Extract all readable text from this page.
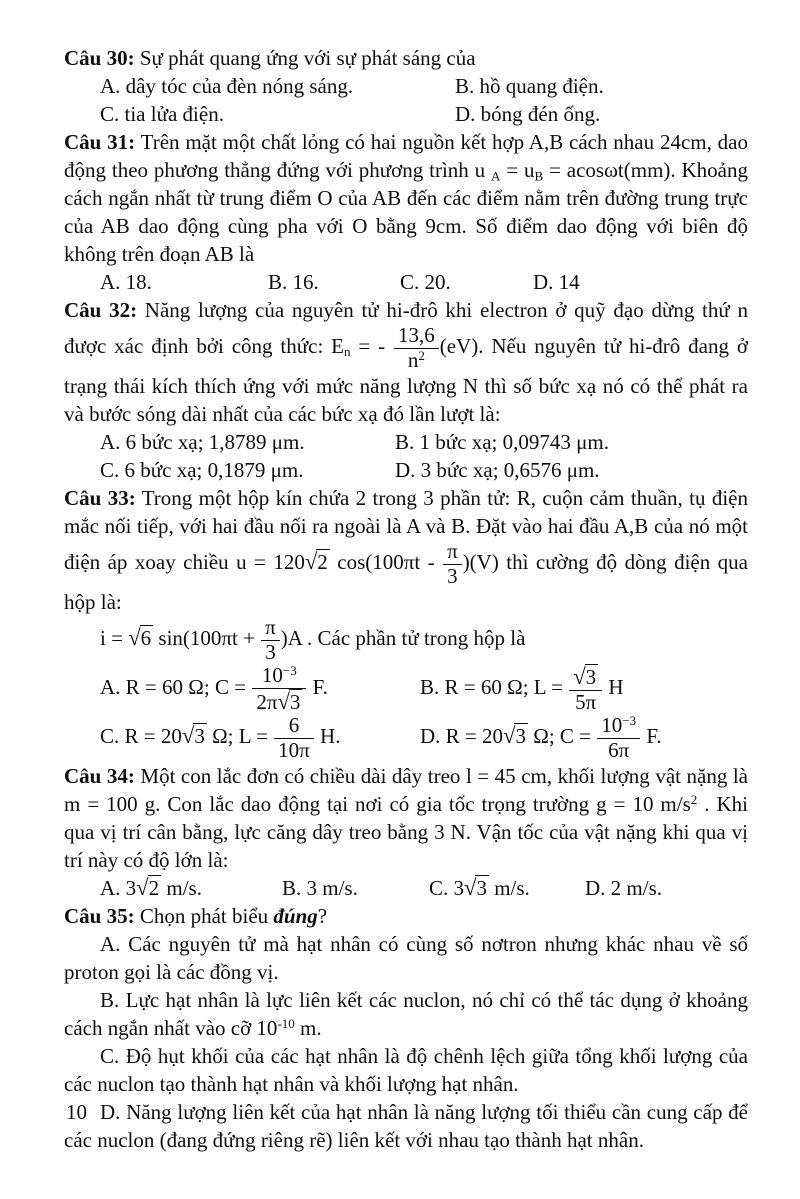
Câu 30: Sự phát quang ứng với sự phát sáng của

A. dây tóc của đèn nóng sáng.	B. hồ quang điện.
C. tia lửa điện.	D. bóng đén ống.

Câu 31: Trên mặt một chất lỏng có hai nguồn kết hợp A,B cách nhau 24cm, dao động theo phương thẳng đứng với phương trình u $_A = u_B = acos\omega t(mm)$. Khoảng cách ngắn nhất từ trung điểm O của AB đến các điểm nằm trên đường trung trực của AB dao động cùng pha với O bằng 9cm. Số điểm dao động với biên độ không trên đoạn AB là

A. 18.	B. 16.	C. 20.	D. 14

Câu 32: Năng lượng của nguyên tử hi-đrô khi electron ở quỹ đạo dừng thứ n được xác định bởi công thức: $E_n$ = - $\frac{13,6}{n^2} (eV)$. Nếu nguyên tử hi-đrô đang ở trạng thái kích thích ứng với mức năng lượng N thì số bức xạ nó có thể phát ra và bước sóng dài nhất của các bức xạ đó lần lượt là:

A. 6 bức xạ; 1,8789 μm.	B. 1 bức xạ; 0,09743 μm.
C. 6 bức xạ; 0,1879 μm.	D. 3 bức xạ; 0,6576 μm.

Câu 33: Trong một hộp kín chứa 2 trong 3 phần tử: R, cuộn cảm thuần, tụ điện mắc nối tiếp, với hai đầu nối ra ngoài là A và B. Đặt vào hai đầu A,B của nó một điện áp xoay chiều u = 120√2 $\cos(100\pi t - \frac{\pi}{3} )(V)$ thì cường độ dòng điện qua hộp là:

i = √6 $\sin(100\pi t + \frac{\pi}{3} )A$ . Các phần tử trong hộp là

A. R = 60 Ω; $C = \frac{10^{-3}}{2\pi√3} F$.	B. R = 60 Ω; $L = \frac{√3}{5\pi}$ H
C. R = 20√3 Ω; $L = \frac{6}{10\pi} H$.	D. R = 20√3 Ω; $C = \frac{10^{-3}}{6\pi} F$.

Câu 34: Một con lắc đơn có chiều dài dây treo l = 45 cm, khối lượng vật nặng là m = 100 g. Con lắc dao động tại nơi có gia tốc trọng trường g = 10 $m/s^2$ . Khi qua vị trí cân bằng, lực căng dây treo bằng 3 N. Vận tốc của vật nặng khi qua vị trí này có độ lớn là:

A. 3√2 m/s.	B. 3 m/s.	C. 3√3 m/s.	D. 2 m/s.

Câu 35: Chọn phát biểu đúng?

A. Các nguyên tử mà hạt nhân có cùng số nơtron nhưng khác nhau về số proton gọi là các đồng vị.

B. Lực hạt nhân là lực liên kết các nuclon, nó chỉ có thể tác dụng ở khoảng cách ngắn nhất vào cỡ $10^{-10}$ m.

C. Độ hụt khối của các hạt nhân là độ chênh lệch giữa tổng khối lượng của các nuclon tạo thành hạt nhân và khối lượng hạt nhân.

D. Năng lượng liên kết của hạt nhân là năng lượng tối thiểu cần cung cấp để các nuclon (đang đứng riêng rẽ) liên kết với nhau tạo thành hạt nhân.

10
